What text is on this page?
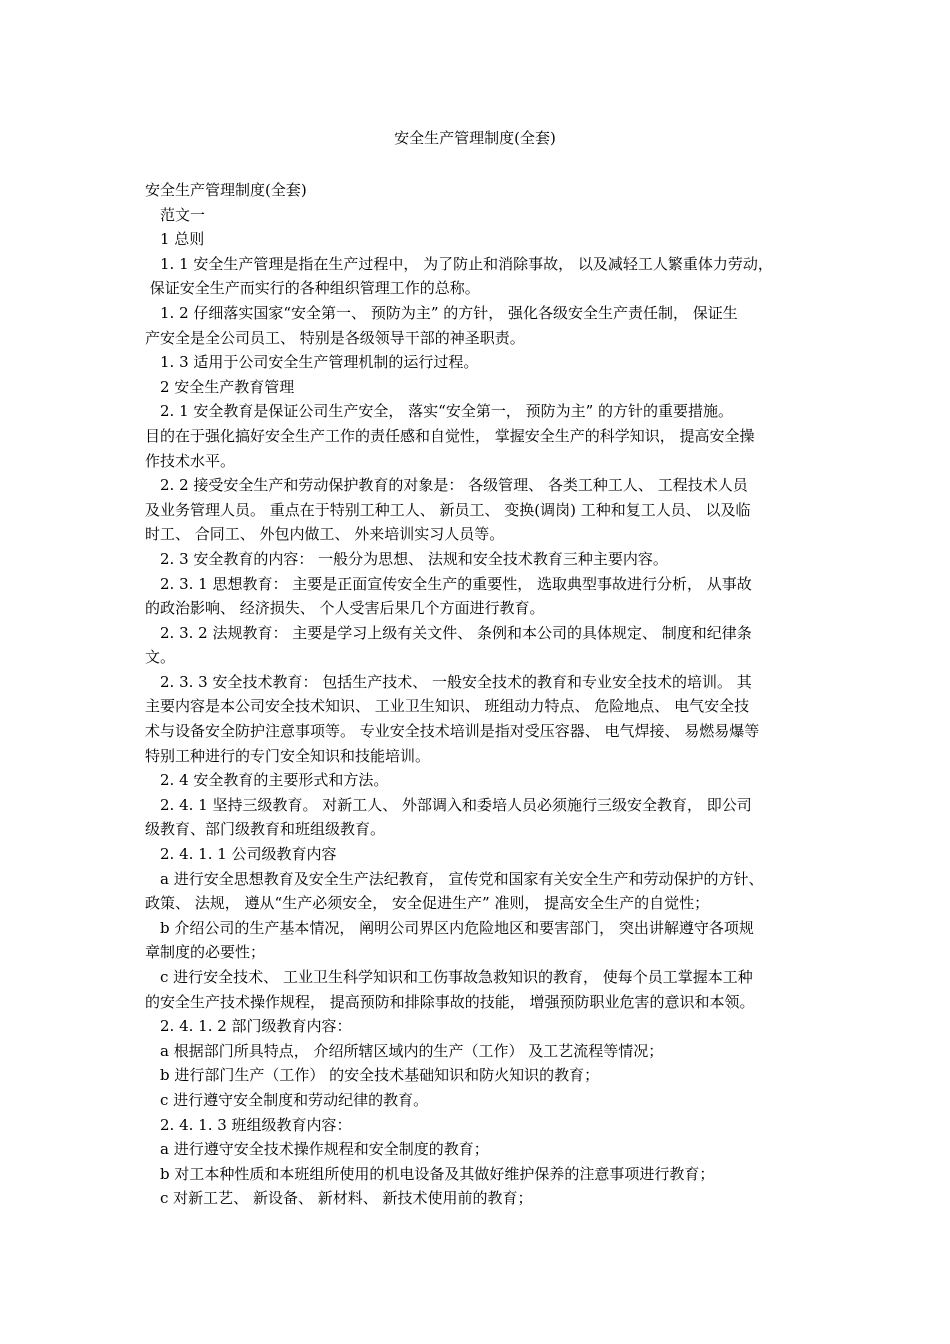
安全生产管理制度(全套)
安全生产管理制度(全套)
范文一
1 总则
1. 1 安全生产管理是指在生产过程中， 为了防止和消除事故， 以及减轻工人繁重体力劳动，
保证安全生产而实行的各种组织管理工作的总称。
1. 2 仔细落实国家“安全第一、 预防为主” 的方针， 强化各级安全生产责任制， 保证生
产安全是全公司员工、 特别是各级领导干部的神圣职责。
1. 3 适用于公司安全生产管理机制的运行过程。
2 安全生产教育管理
2. 1 安全教育是保证公司生产安全， 落实“安全第一， 预防为主” 的方针的重要措施。
目的在于强化搞好安全生产工作的责任感和自觉性， 掌握安全生产的科学知识， 提高安全操
作技术水平。
2. 2 接受安全生产和劳动保护教育的对象是： 各级管理、 各类工种工人、 工程技术人员
及业务管理人员。 重点在于特别工种工人、 新员工、 变换(调岗) 工种和复工人员、 以及临
时工、 合同工、 外包内做工、 外来培训实习人员等。
2. 3 安全教育的内容： 一般分为思想、 法规和安全技术教育三种主要内容。
2. 3. 1 思想教育： 主要是正面宣传安全生产的重要性， 选取典型事故进行分析， 从事故
的政治影响、 经济损失、 个人受害后果几个方面进行教育。
2. 3. 2 法规教育： 主要是学习上级有关文件、 条例和本公司的具体规定、 制度和纪律条
文。
2. 3. 3 安全技术教育： 包括生产技术、 一般安全技术的教育和专业安全技术的培训。 其
主要内容是本公司安全技术知识、 工业卫生知识、 班组动力特点、 危险地点、 电气安全技
术与设备安全防护注意事项等。 专业安全技术培训是指对受压容器、 电气焊接、 易燃易爆等
特别工种进行的专门安全知识和技能培训。
2. 4 安全教育的主要形式和方法。
2. 4. 1 坚持三级教育。 对新工人、 外部调入和委培人员必须施行三级安全教育， 即公司
级教育、部门级教育和班组级教育。
2. 4. 1. 1 公司级教育内容
a 进行安全思想教育及安全生产法纪教育， 宣传党和国家有关安全生产和劳动保护的方针、
政策、 法规， 遵从“生产必须安全， 安全促进生产” 准则， 提高安全生产的自觉性；
b 介绍公司的生产基本情况， 阐明公司界区内危险地区和要害部门， 突出讲解遵守各项规
章制度的必要性；
c 进行安全技术、 工业卫生科学知识和工伤事故急救知识的教育， 使每个员工掌握本工种
的安全生产技术操作规程， 提高预防和排除事故的技能， 增强预防职业危害的意识和本领。
2. 4. 1. 2 部门级教育内容：
a 根据部门所具特点， 介绍所辖区域内的生产（工作） 及工艺流程等情况；
b 进行部门生产（工作） 的安全技术基础知识和防火知识的教育；
c 进行遵守安全制度和劳动纪律的教育。
2. 4. 1. 3 班组级教育内容：
a 进行遵守安全技术操作规程和安全制度的教育；
b 对工本种性质和本班组所使用的机电设备及其做好维护保养的注意事项进行教育；
c 对新工艺、 新设备、 新材料、 新技术使用前的教育；
